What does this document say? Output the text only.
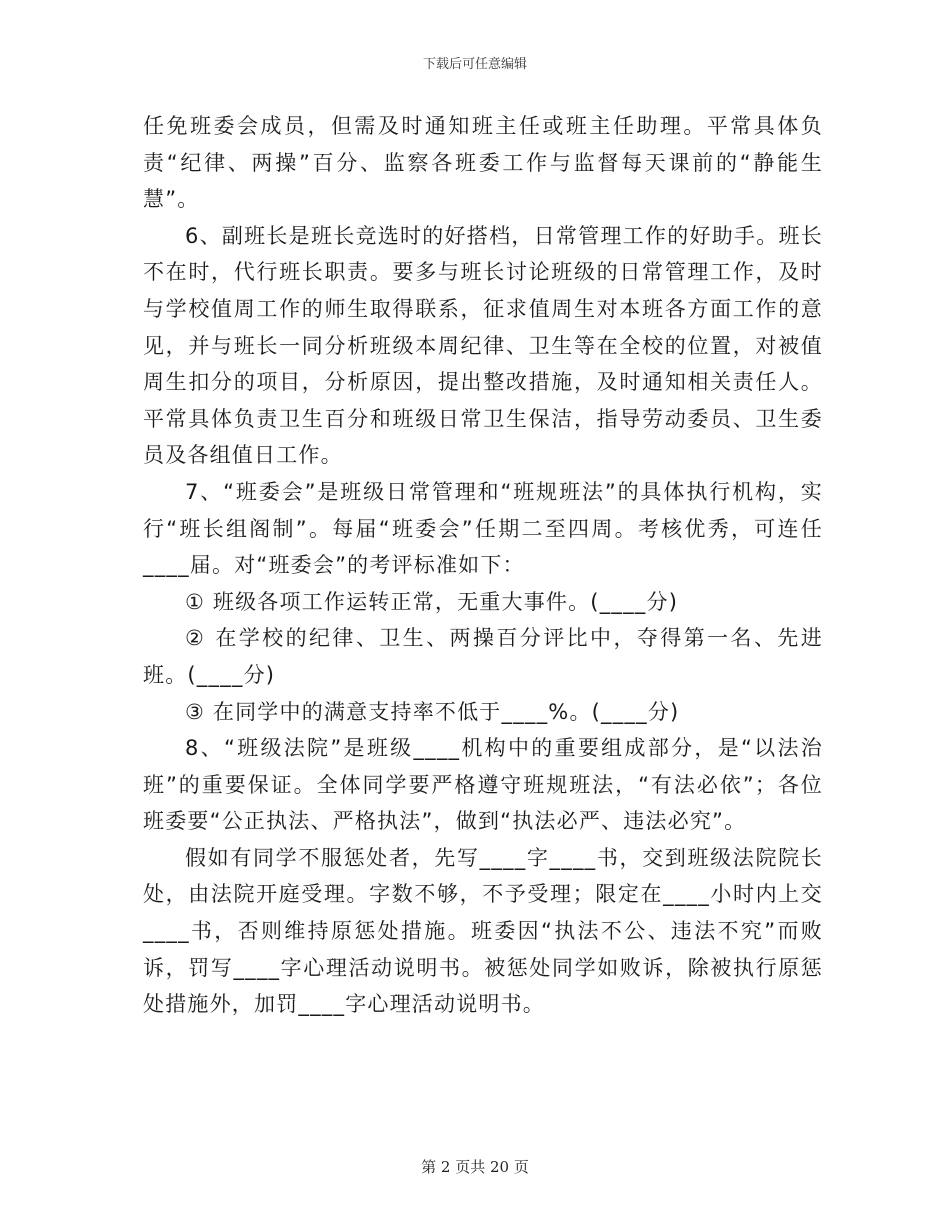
下载后可任意编辑

任免班委会成员，但需及时通知班主任或班主任助理。平常具体负责“纪律、两操”百分、监察各班委工作与监督每天课前的“静能生慧”。

6、副班长是班长竞选时的好搭档，日常管理工作的好助手。班长不在时，代行班长职责。要多与班长讨论班级的日常管理工作，及时与学校值周工作的师生取得联系，征求值周生对本班各方面工作的意见，并与班长一同分析班级本周纪律、卫生等在全校的位置，对被值周生扣分的项目，分析原因，提出整改措施，及时通知相关责任人。平常具体负责卫生百分和班级日常卫生保洁，指导劳动委员、卫生委员及各组值日工作。

7、“班委会”是班级日常管理和“班规班法”的具体执行机构，实行“班长组阁制”。每届“班委会”任期二至四周。考核优秀，可连任____届。对“班委会”的考评标准如下：

① 班级各项工作运转正常，无重大事件。(____分)

② 在学校的纪律、卫生、两操百分评比中，夺得第一名、先进班。(____分)

③ 在同学中的满意支持率不低于____%。(____分)

8、“班级法院”是班级____机构中的重要组成部分，是“以法治班”的重要保证。全体同学要严格遵守班规班法，“有法必依”；各位班委要“公正执法、严格执法”，做到“执法必严、违法必究”。

假如有同学不服惩处者，先写____字____书，交到班级法院院长处，由法院开庭受理。字数不够，不予受理；限定在____小时内上交____书，否则维持原惩处措施。班委因“执法不公、违法不究”而败诉，罚写____字心理活动说明书。被惩处同学如败诉，除被执行原惩处措施外，加罚____字心理活动说明书。

第 2 页共 20 页
